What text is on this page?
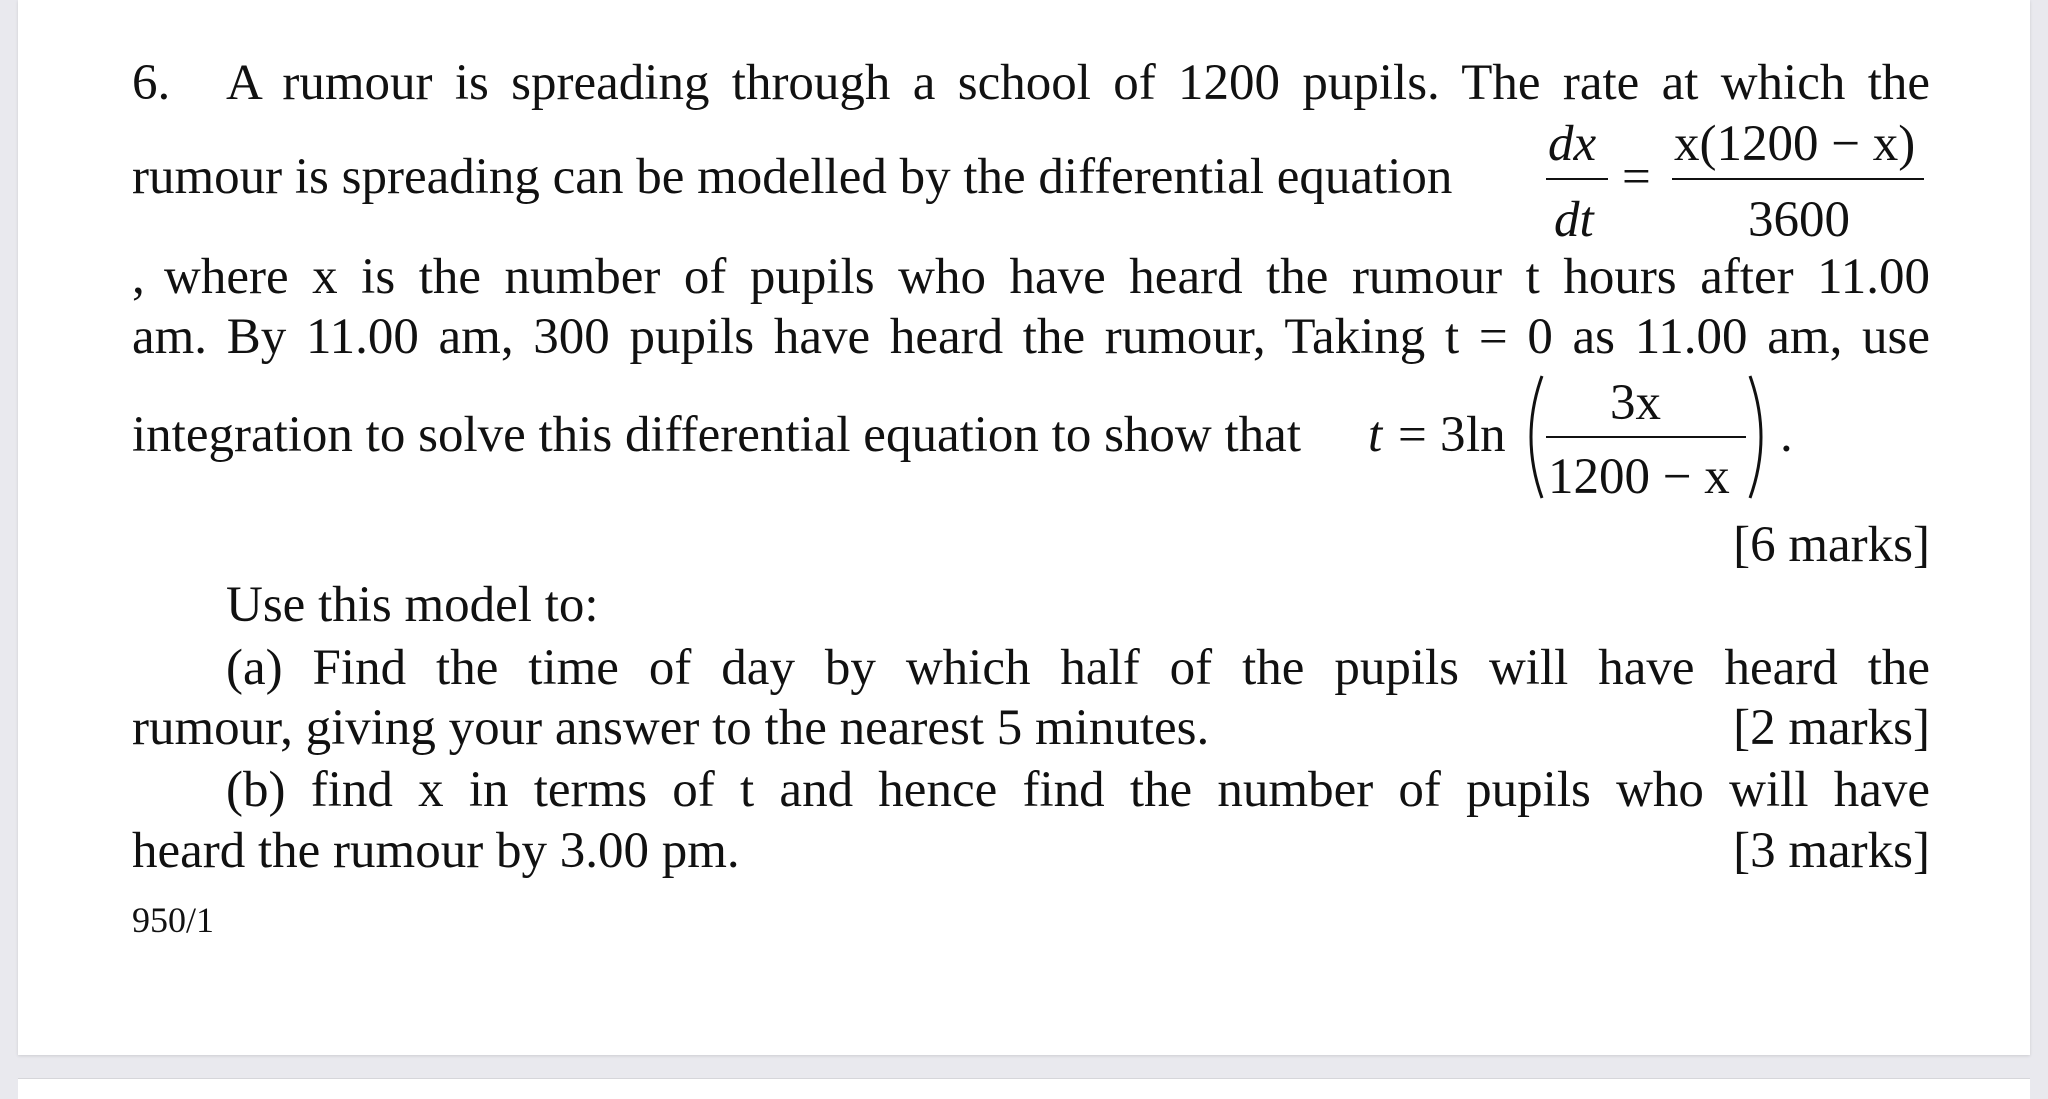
6. A rumour is spreading through a school of 1200 pupils. The rate at which the
rumour is spreading can be modelled by the differential equation
dx
dt
=
x(1200 − x)
3600
, where x is the number of pupils who have heard the rumour t hours after 11.00
am. By 11.00 am, 300 pupils have heard the rumour, Taking t = 0 as 11.00 am, use
integration to solve this differential equation to show that t = 3 ln
3x
1200 − x
.
[6 marks]
Use this model to:
(a) Find the time of day by which half of the pupils will have heard the
rumour, giving your answer to the nearest 5 minutes.	[2 marks]
(b) find x in terms of t and hence find the number of pupils who will have
heard the rumour by 3.00 pm.	[3 marks]
950/1
